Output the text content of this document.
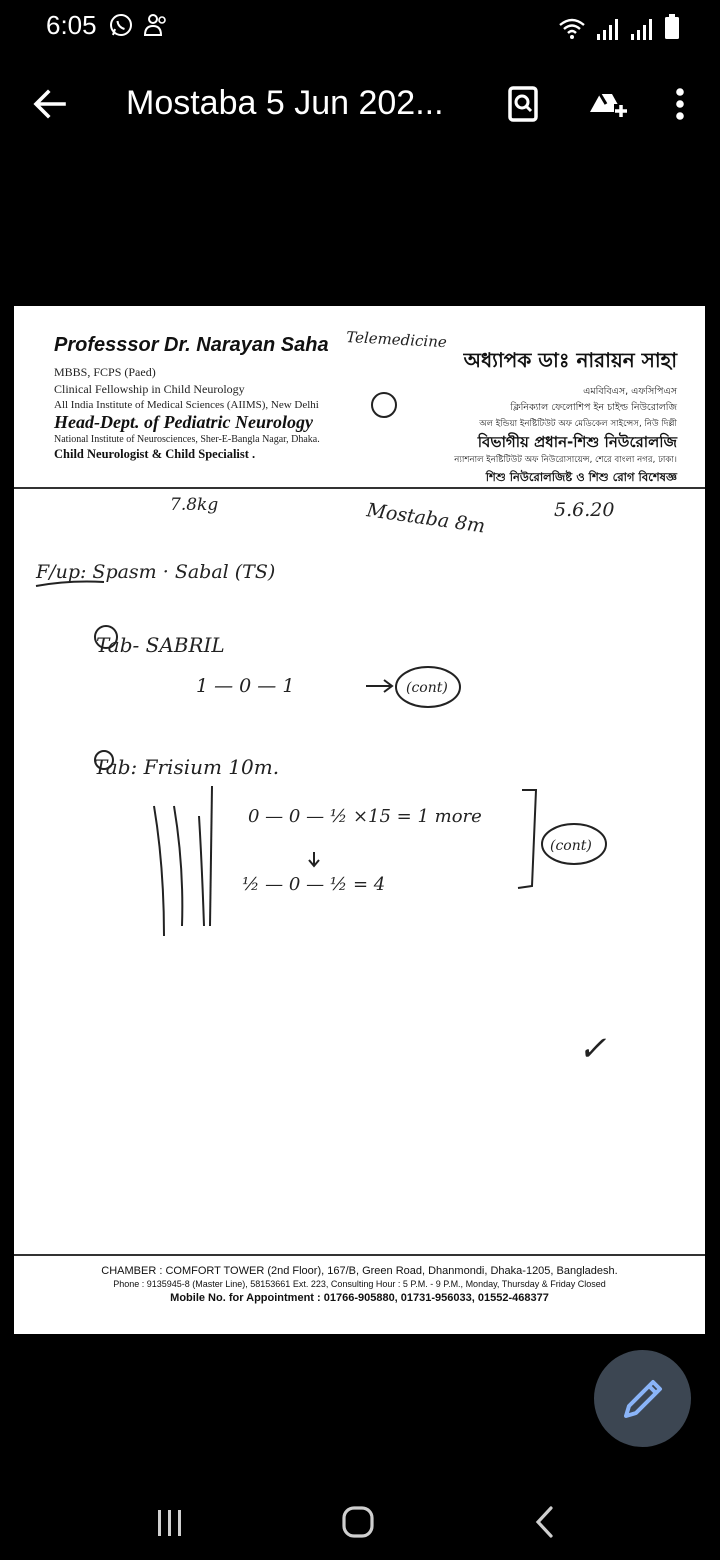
6:05
Mostaba 5 Jun 202...
Professsor Dr. Narayan Saha
MBBS, FCPS (Paed)
Clinical Fellowship in Child Neurology
All India Institute of Medical Sciences (AIIMS), New Delhi
Head-Dept. of Pediatric Neurology
National Institute of Neurosciences, Sher-E-Bangla Nagar, Dhaka.
Child Neurologist & Child Specialist .
অধ্যাপক ডাঃ নারায়ন সাহা
এমবিবিএস, এফসিপিএস
ক্লিনিক্যাল ফেলোশিপ ইন চাইল্ড নিউরোলজি
অল ইন্ডিয়া ইনষ্টিটিউট অফ মেডিকেল সাইন্সেস, নিউ দিল্লী
বিভাগীয় প্রধান-শিশু নিউরোলজি
ন্যাশনাল ইনষ্টিটিউট অফ নিউরোসায়েন্স, শেরে বাংলা নগর, ঢাকা।
শিশু নিউরোলজিষ্ট ও শিশু রোগ বিশেষজ্ঞ
Telemedicine
7.8kg	Mostaba 8m	5.6.20
F/up: Spasm · Sabal (TS)
Tab- SABRIL
1 — 0 — 1	(cont)
Tab: Frisium 10m.
0 — 0 — ½ ×15 = 1 more
½ — 0 — ½ = 4
(cont)
✓
CHAMBER : COMFORT TOWER (2nd Floor), 167/B, Green Road, Dhanmondi, Dhaka-1205, Bangladesh.
Phone : 9135945-8 (Master Line), 58153661 Ext. 223, Consulting Hour : 5 P.M. - 9 P.M., Monday, Thursday & Friday Closed
Mobile No. for Appointment : 01766-905880, 01731-956033, 01552-468377
